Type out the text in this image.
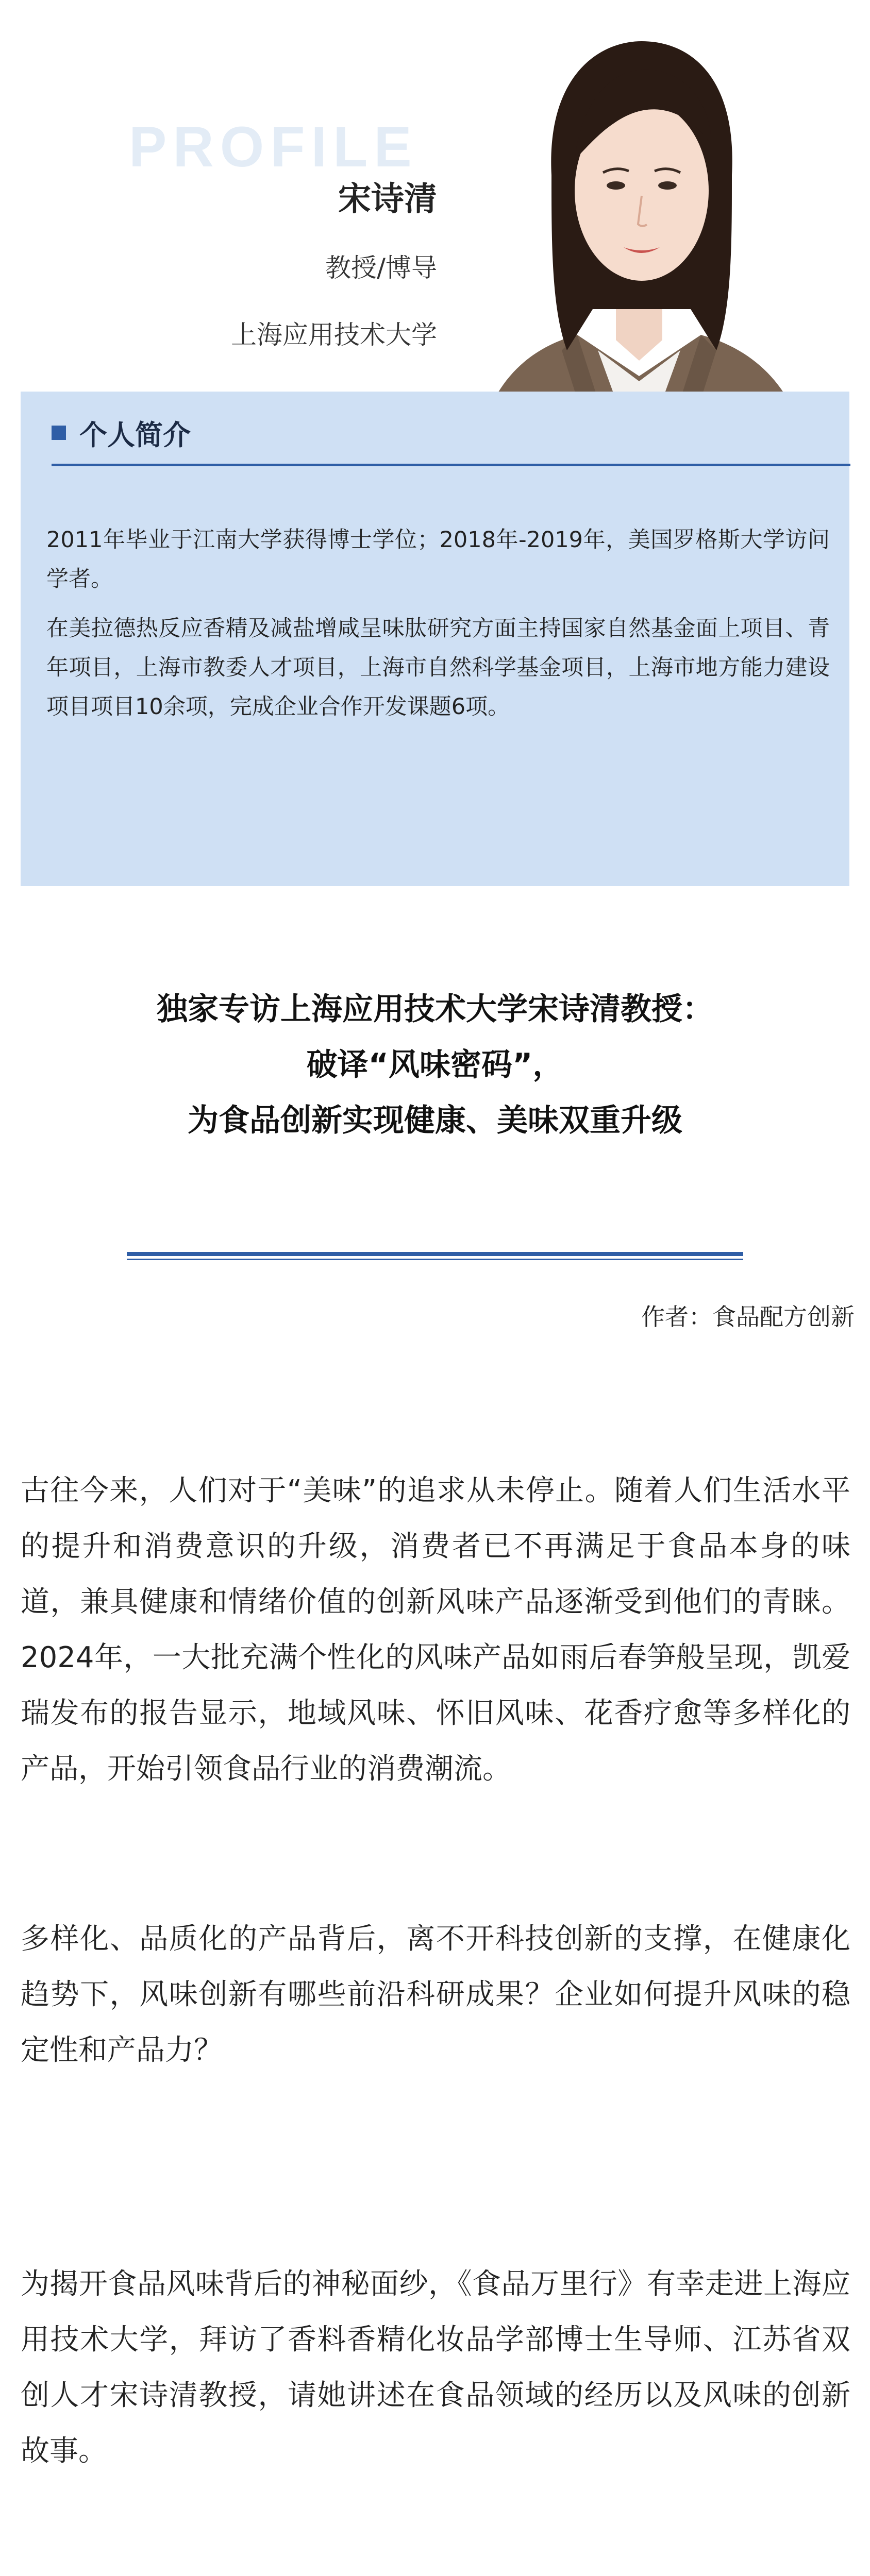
PROFILE
宋诗清
教授/博导
上海应用技术大学
个人简介

2011年毕业于江南大学获得博士学位；2018年-2019年，美国罗格斯大学访问学者。

在美拉德热反应香精及减盐增咸呈味肽研究方面主持国家自然基金面上项目、青年项目，上海市教委人才项目，上海市自然科学基金项目，上海市地方能力建设项目项目10余项，完成企业合作开发课题6项。

独家专访上海应用技术大学宋诗清教授：
破译“风味密码”，
为食品创新实现健康、美味双重升级
作者：食品配方创新

古往今来，人们对于“美味”的追求从未停止。随着人们生活水平的提升和消费意识的升级，消费者已不再满足于食品本身的味道，兼具健康和情绪价值的创新风味产品逐渐受到他们的青睐。2024年，一大批充满个性化的风味产品如雨后春笋般呈现，凯爱瑞发布的报告显示，地域风味、怀旧风味、花香疗愈等多样化的产品，开始引领食品行业的消费潮流。

多样化、品质化的产品背后，离不开科技创新的支撑，在健康化趋势下，风味创新有哪些前沿科研成果？企业如何提升风味的稳定性和产品力？

为揭开食品风味背后的神秘面纱，《食品万里行》有幸走进上海应用技术大学，拜访了香料香精化妆品学部博士生导师、江苏省双创人才宋诗清教授，请她讲述在食品领域的经历以及风味的创新故事。
